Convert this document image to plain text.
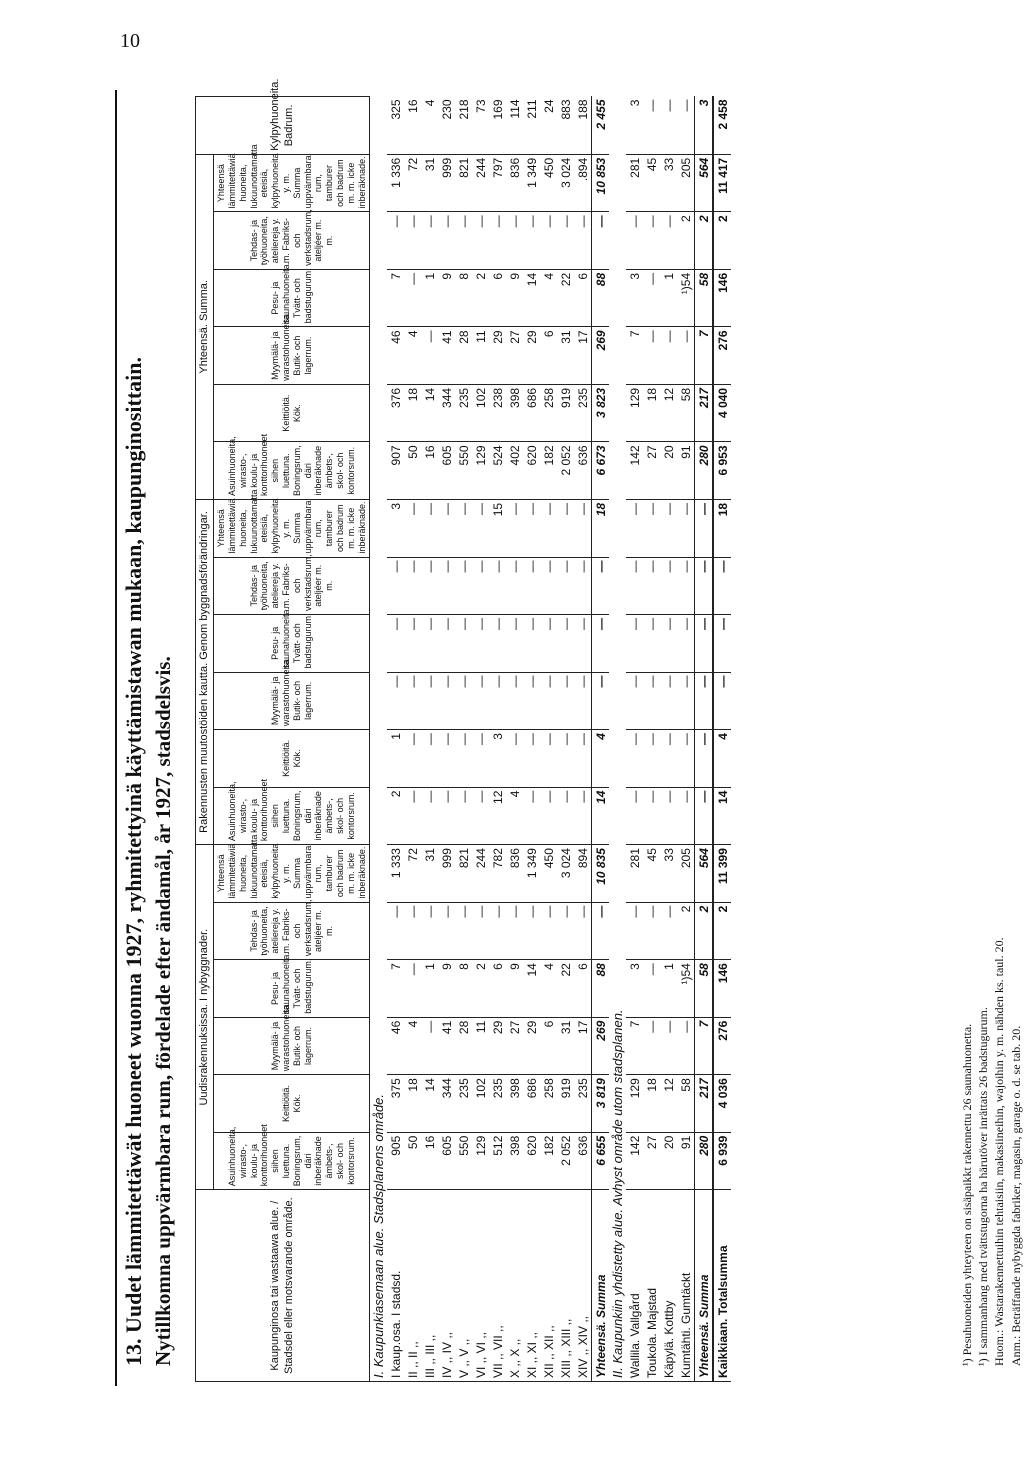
10
13. Uudet lämmitettäwät huoneet wuonna 1927, ryhmitettyinä käyttämistawan mukaan, kaupunginosittain. Nytillkomna uppvärmbara rum, fördelade efter ändamål, år 1927, stadsdelsvis.	Kaupunginosa tai wastaawa alue. / Stadsdel eller motsvarande område.	Uudisrakennuksissa. I nybyggnader.						Rakennusten muutostöiden kautta. Genom byggnadsförändringar.						Yhteensä. Summa.						Kylpyhuoneita. Badrum.
	Asuinhuoneita, wirasto-, koulu- ja konttorihuoneet siihen luettuna. Boningsrum, däri inberäknade ämbets-, skol- och kontorsrum.	Keittiöitä. Kök.	Myymälä- ja warastohuoneita. Butik- och lagerrum.	Pesu- ja saunahuoneita. Tvätt- och badstugurum.	Tehdas- ja työhuoneita, ateliereja y. m. Fabriks- och verkstadsrum, ateljéer m. m.	Yhteensä lämmitettäwiä huoneita, lukuunottamatta eteisiä, kylpyhuoneita y. m. Summa uppvärmbara rum, tamburer och badrum m. m. icke inberäknade.	Asuinhuoneita, wirasto-, koulu- ja konttorihuoneet siihen luettuna. Boningsrum, däri inberäknade ämbets-, skol- och kontorsrum.	Keittiöitä. Kök.	Myymälä- ja warastohuoneita. Butik- och lagerrum.	Pesu- ja saunahuoneita. Tvätt- och badstugurum.	Tehdas- ja työhuoneita, ateliereja y. m. Fabriks- och verkstadsrum, ateljéer m. m.	Yhteensä lämmitettäwiä huoneita, lukuunottamatta eteisiä, kylpyhuoneita y. m. Summa uppvärmbara rum, tamburer och badrum m. m. icke inberäknade.	Asuinhuoneita, wirasto-, koulu- ja konttorihuoneet siihen luettuna. Boningsrum, däri inberäknade ämbets-, skol- och kontorsrum.	Keittiöitä. Kök.	Myymälä- ja warastohuoneita. Butik- och lagerrum.	Pesu- ja saunahuoneita. Tvätt- och badstugurum.	Tehdas- ja työhuoneita, ateliereja y. m. Fabriks- och verkstadsrum, ateljéer m. m.	Yhteensä lämmitettäwiä huoneita, lukuunottamatta eteisiä, kylpyhuoneita y. m. Summa uppvärmbara rum, tamburer och badrum m. m. icke inberäknade.	
I. Kaupunkiasemaan alue. Stadsplanens område.																			
I kaup.osa. I stadsd.	905	375	46	7	—	1 333	2	1	—	—	—	3	907	376	46	7	—	1 336	325
II ,, II ,,	50	18	4	—	—	72	—	—	—	—	—	—	50	18	4	—	—	72	16
III ,, III ,,	16	14	—	1	—	31	—	—	—	—	—	—	16	14	—	1	—	31	4
IV ,, IV ,,	605	344	41	9	—	999	—	—	—	—	—	—	605	344	41	9	—	999	230
V ,, V ,,	550	235	28	8	—	821	—	—	—	—	—	—	550	235	28	8	—	821	218
VI ,, VI ,,	129	102	11	2	—	244	—	—	—	—	—	—	129	102	11	2	—	244	73
VII ,, VII ,,	512	235	29	6	—	782	12	3	—	—	—	15	524	238	29	6	—	797	169
X ,, X ,,	398	398	27	9	—	836	4	—	—	—	—	—	402	398	27	9	—	836	114
XI ,, XI ,,	620	686	29	14	—	1 349	—	—	—	—	—	—	620	686	29	14	—	1 349	211
XII ,, XII ,,	182	258	6	4	—	450	—	—	—	—	—	—	182	258	6	4	—	450	24
XIII ,, XIII ,,	2 052	919	31	22	—	3 024	—	—	—	—	—	—	2 052	919	31	22	—	3 024	883
XIV ,, XIV ,,	636	235	17	6	—	894	—	—	—	—	—	—	636	235	17	6	—	.894	188
Yhteensä. Summa	6 655	3 819	269	88	—	10 835	14	4	—	—	—	18	6 673	3 823	269	88	—	10 853	2 455
II. Kaupunkiin yhdistetty alue. Avhyst område utom stadsplanen.																			
Wallila. Vallgård	142	129	7	3	—	281	—	—	—	—	—	—	142	129	7	3	—	281	3
Toukola. Majstad	27	18	—	—	—	45	—	—	—	—	—	—	27	18	—	—	—	45	—
Käpylä. Kottby	20	12	—	1	—	33	—	—	—	—	—	—	20	12	—	1	—	33	—
Kumtähti. Gumtäckt	91	58	—	¹)54	2	205	—	—	—	—	—	—	91	58	—	¹)54	2	205	—
Yhteensä. Summa	280	217	7	58	2	564	—	—	—	—	—	—	280	217	7	58	2	564	3
Kaikkiaan. Totalsumma	6 939	4 036	276	146	2	11 399	14	4	—	—	—	18	6 953	4 040	276	146	2	11 417	2 458
¹) Pesuhuoneiden yhteyteen on sisäpaikkt rakennettu 26 saunahuonetta. ¹) I sammanhang med tvättstugorna ha härutöver inrättats 26 badstugurum. Huom.: Wastarakennettuihin tehtaisiin, makasiineihin, wajoihin y. m. nähden ks. taul. 20. Anm.: Beträffande nybyggda fabriker, magasin, garage o. d. se tab. 20.
